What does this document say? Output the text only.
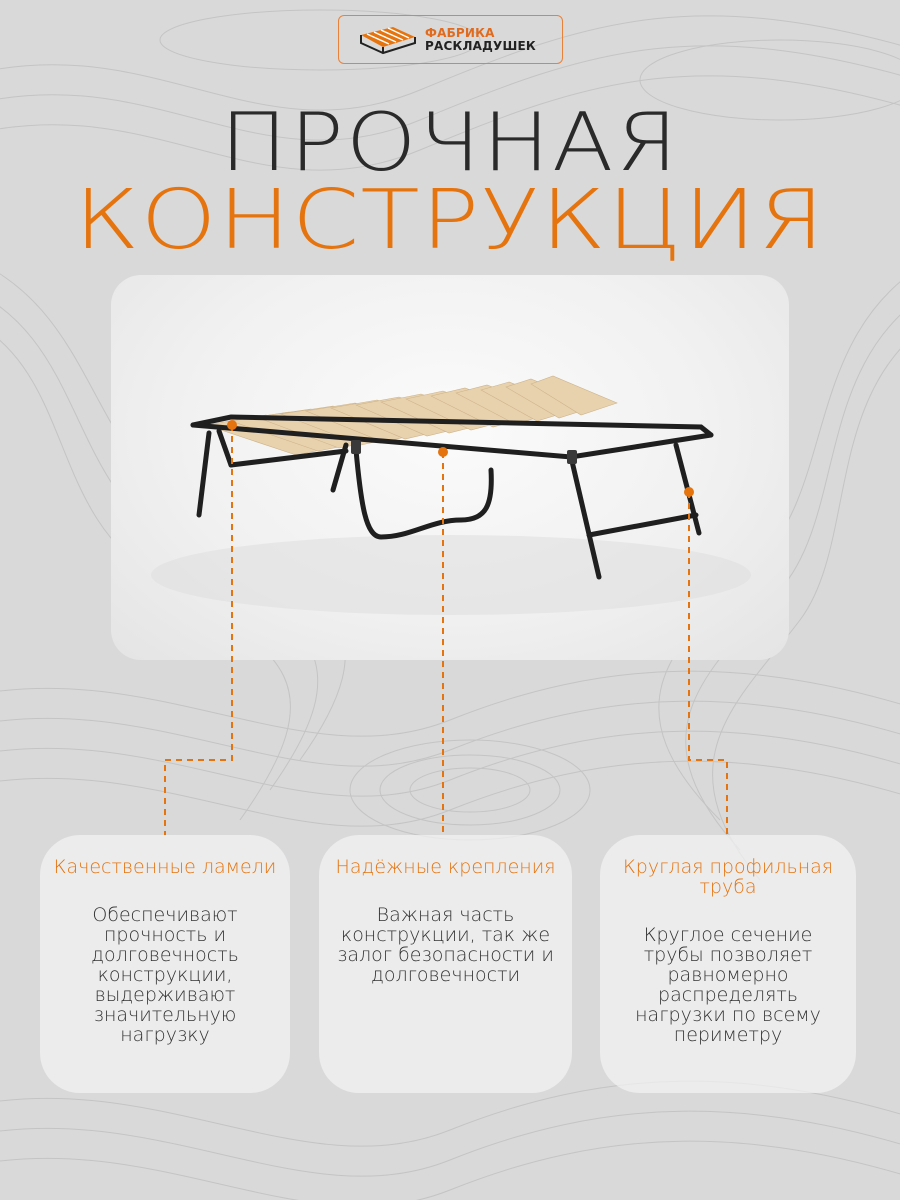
ФАБРИКА
РАСКЛАДУШЕК
ПРОЧНАЯ
КОНСТРУКЦИЯ
Качественные ламели
Обеспечивают прочность и долговечность конструкции, выдерживают значительную нагрузку
Надёжные крепления
Важная часть конструкции, так же залог безопасности и долговечности
Круглая профильная труба
Круглое сечение трубы позволяет равномерно распределять нагрузки по всему периметру
